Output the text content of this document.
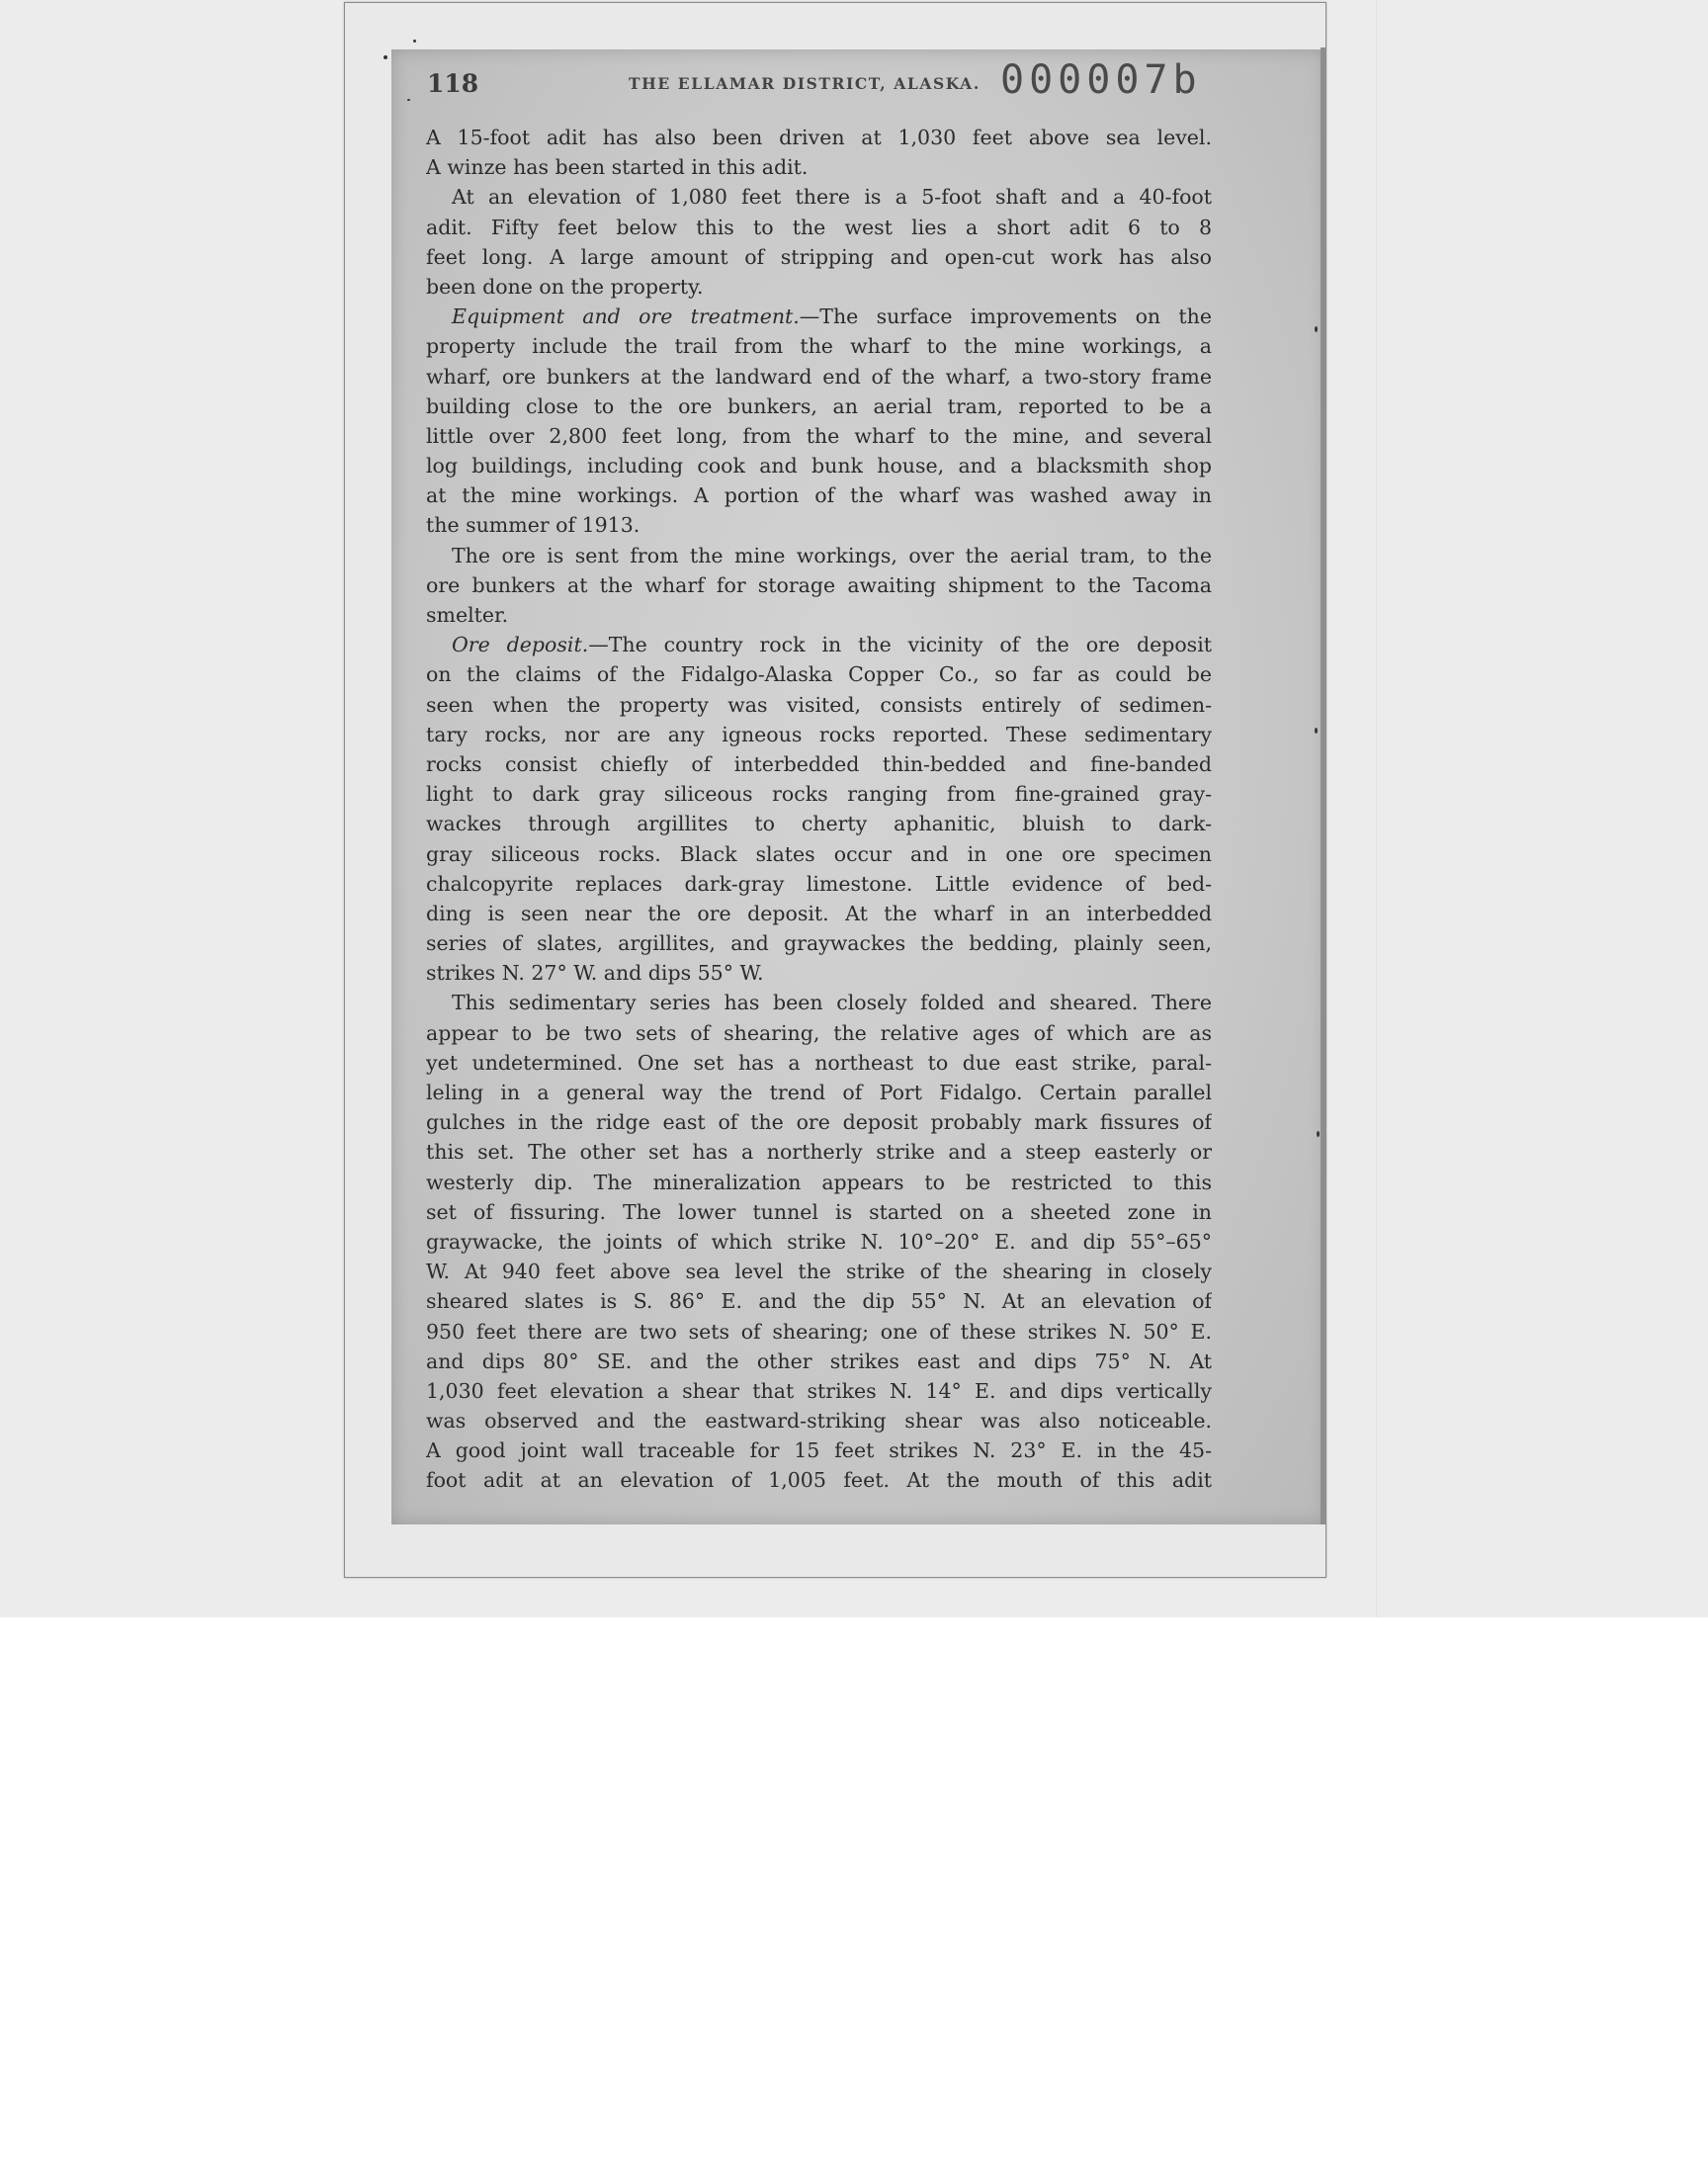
118	THE ELLAMAR DISTRICT, ALASKA. 000007b
A 15-foot adit has also been driven at 1,030 feet above sea level.
A winze has been started in this adit.
At an elevation of 1,080 feet there is a 5-foot shaft and a 40-foot
adit. Fifty feet below this to the west lies a short adit 6 to 8
feet long. A large amount of stripping and open-cut work has also
been done on the property.
Equipment and ore treatment.—The surface improvements on the
property include the trail from the wharf to the mine workings, a
wharf, ore bunkers at the landward end of the wharf, a two-story frame
building close to the ore bunkers, an aerial tram, reported to be a
little over 2,800 feet long, from the wharf to the mine, and several
log buildings, including cook and bunk house, and a blacksmith shop
at the mine workings. A portion of the wharf was washed away in
the summer of 1913.
The ore is sent from the mine workings, over the aerial tram, to the
ore bunkers at the wharf for storage awaiting shipment to the Tacoma
smelter.
Ore deposit.—The country rock in the vicinity of the ore deposit
on the claims of the Fidalgo-Alaska Copper Co., so far as could be
seen when the property was visited, consists entirely of sedimen-
tary rocks, nor are any igneous rocks reported. These sedimentary
rocks consist chiefly of interbedded thin-bedded and fine-banded
light to dark gray siliceous rocks ranging from fine-grained gray-
wackes through argillites to cherty aphanitic, bluish to dark-
gray siliceous rocks. Black slates occur and in one ore specimen
chalcopyrite replaces dark-gray limestone. Little evidence of bed-
ding is seen near the ore deposit. At the wharf in an interbedded
series of slates, argillites, and graywackes the bedding, plainly seen,
strikes N. 27° W. and dips 55° W.
This sedimentary series has been closely folded and sheared. There
appear to be two sets of shearing, the relative ages of which are as
yet undetermined. One set has a northeast to due east strike, paral-
leling in a general way the trend of Port Fidalgo. Certain parallel
gulches in the ridge east of the ore deposit probably mark fissures of
this set. The other set has a northerly strike and a steep easterly or
westerly dip. The mineralization appears to be restricted to this
set of fissuring. The lower tunnel is started on a sheeted zone in
graywacke, the joints of which strike N. 10°–20° E. and dip 55°–65°
W. At 940 feet above sea level the strike of the shearing in closely
sheared slates is S. 86° E. and the dip 55° N. At an elevation of
950 feet there are two sets of shearing; one of these strikes N. 50° E.
and dips 80° SE. and the other strikes east and dips 75° N. At
1,030 feet elevation a shear that strikes N. 14° E. and dips vertically
was observed and the eastward-striking shear was also noticeable.
A good joint wall traceable for 15 feet strikes N. 23° E. in the 45-
foot adit at an elevation of 1,005 feet. At the mouth of this adit
